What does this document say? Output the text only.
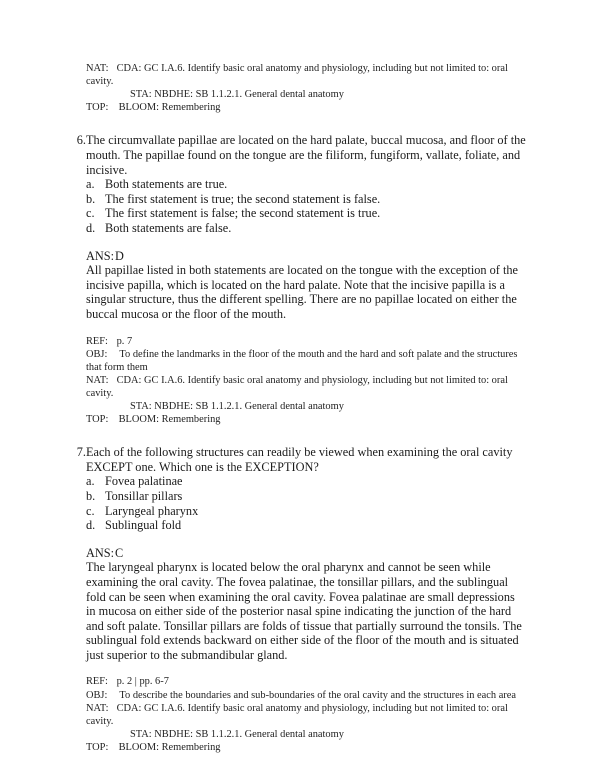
NAT: CDA: GC I.A.6. Identify basic oral anatomy and physiology, including but not limited to: oral cavity.
STA: NBDHE: SB 1.1.2.1. General dental anatomy
TOP: BLOOM: Remembering
6. The circumvallate papillae are located on the hard palate, buccal mucosa, and floor of the mouth. The papillae found on the tongue are the filiform, fungiform, vallate, foliate, and incisive.
a. Both statements are true.
b. The first statement is true; the second statement is false.
c. The first statement is false; the second statement is true.
d. Both statements are false.
ANS:D
All papillae listed in both statements are located on the tongue with the exception of the incisive papilla, which is located on the hard palate. Note that the incisive papilla is a singular structure, thus the different spelling. There are no papillae located on either the buccal mucosa or the floor of the mouth.
REF: p. 7
OBJ: To define the landmarks in the floor of the mouth and the hard and soft palate and the structures that form them
NAT: CDA: GC I.A.6. Identify basic oral anatomy and physiology, including but not limited to: oral cavity.
STA: NBDHE: SB 1.1.2.1. General dental anatomy
TOP: BLOOM: Remembering
7. Each of the following structures can readily be viewed when examining the oral cavity EXCEPT one. Which one is the EXCEPTION?
a. Fovea palatinae
b. Tonsillar pillars
c. Laryngeal pharynx
d. Sublingual fold
ANS:C
The laryngeal pharynx is located below the oral pharynx and cannot be seen while examining the oral cavity. The fovea palatinae, the tonsillar pillars, and the sublingual fold can be seen when examining the oral cavity. Fovea palatinae are small depressions in mucosa on either side of the posterior nasal spine indicating the junction of the hard and soft palate. Tonsillar pillars are folds of tissue that partially surround the tonsils. The sublingual fold extends backward on either side of the floor of the mouth and is situated just superior to the submandibular gland.
REF: p. 2 | pp. 6-7
OBJ: To describe the boundaries and sub-boundaries of the oral cavity and the structures in each area
NAT: CDA: GC I.A.6. Identify basic oral anatomy and physiology, including but not limited to: oral cavity.
STA: NBDHE: SB 1.1.2.1. General dental anatomy
TOP: BLOOM: Remembering
